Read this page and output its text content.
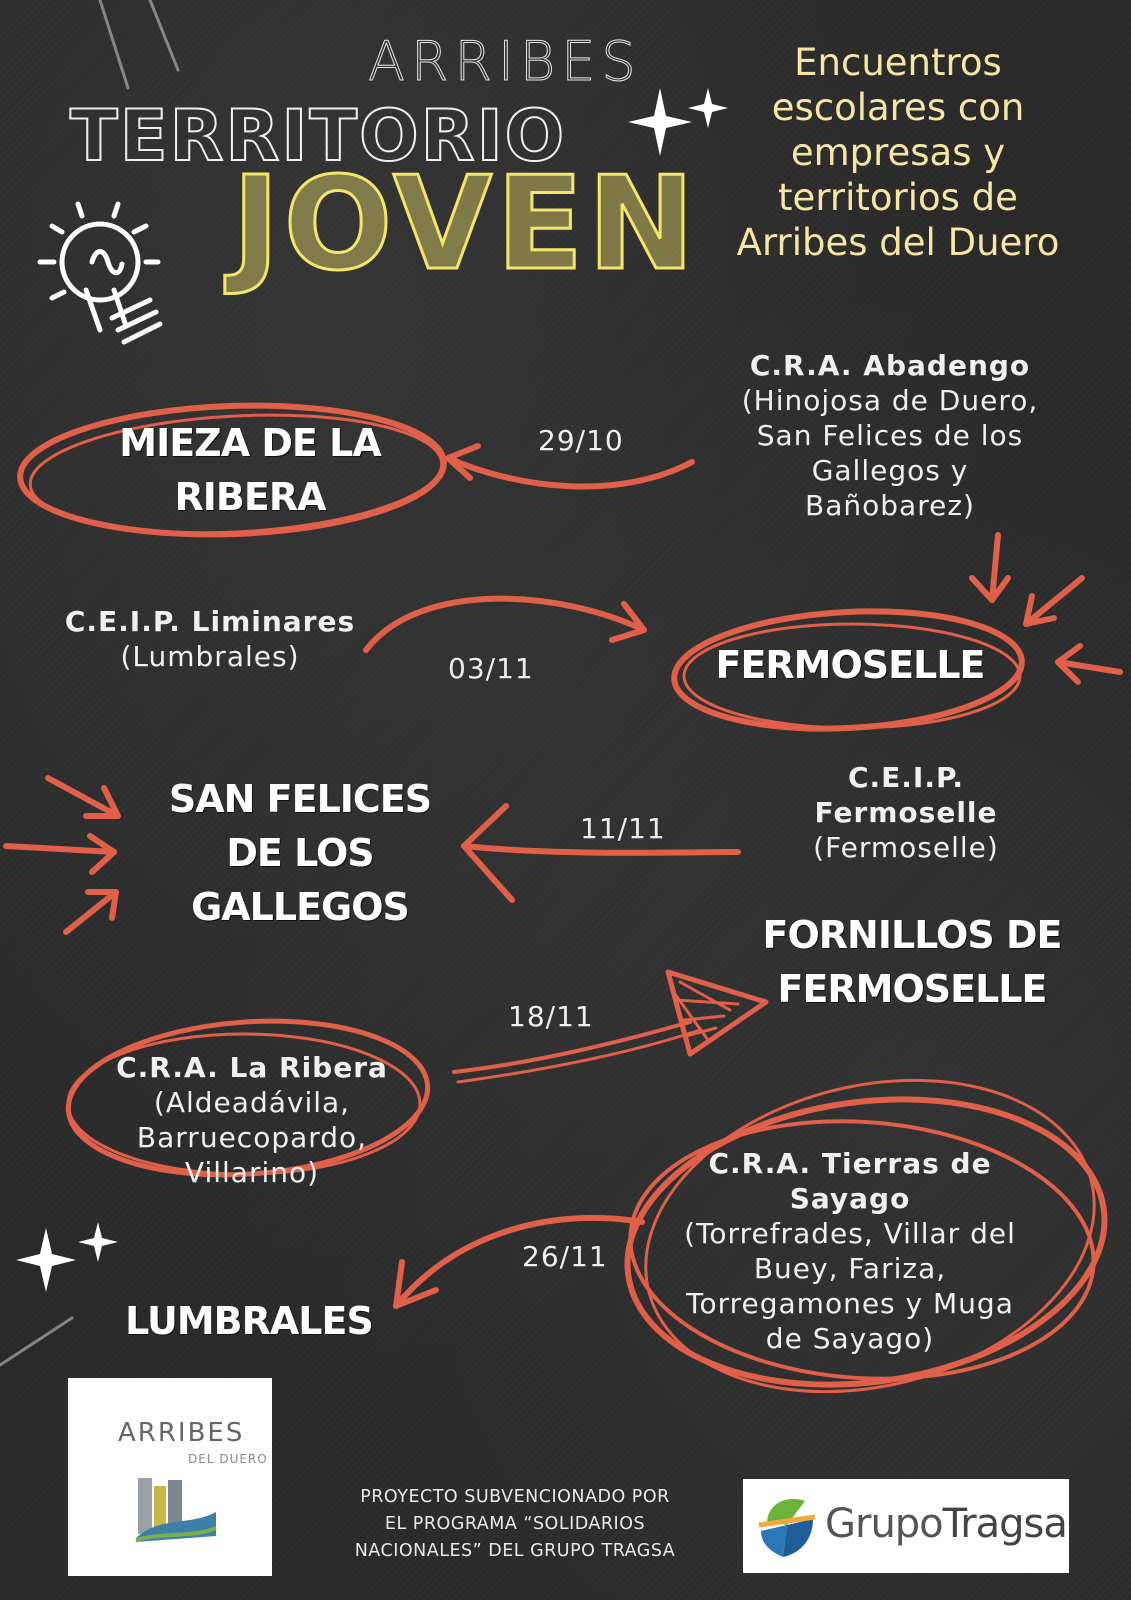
ARRIBES
TERRITORIO
JOVEN
Encuentros
escolares con
empresas y
territorios de
Arribes del Duero
C.R.A. Abadengo
(Hinojosa de Duero,
San Felices de los
Gallegos y
Bañobarez)
29/10
MIEZA DE LA
RIBERA
C.E.I.P. Liminares
(Lumbrales)	03/11	FERMOSELLE
C.E.I.P.
Fermoselle
(Fermoselle)
11/11
SAN FELICES
DE LOS
GALLEGOS
FORNILLOS DE
FERMOSELLE
18/11
C.R.A. La Ribera
(Aldeadávila,
Barruecopardo,
Villarino)	C.R.A. Tierras de
Sayago
(Torrefrades, Villar del
Buey, Fariza,
Torregamones y Muga
de Sayago)
26/11
LUMBRALES
ARRIBES
DEL DUERO
PROYECTO SUBVENCIONADO POR
EL PROGRAMA “SOLIDARIOS
NACIONALES” DEL GRUPO TRAGSA
GrupoTragsa
